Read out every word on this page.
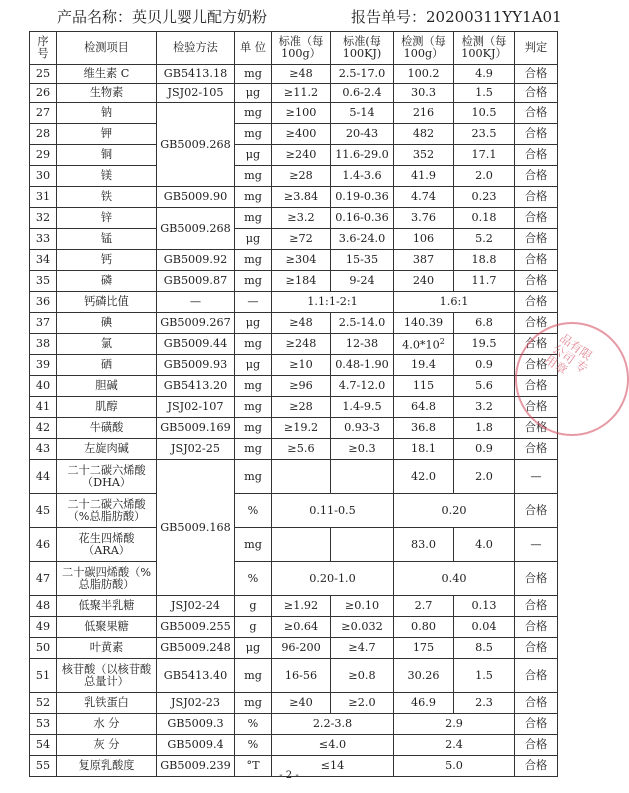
产品名称：英贝儿婴儿配方奶粉	报告单号：20200311YY1A01
序号	检测项目	检验方法	单 位	标准（每100g）	标准(每100KJ)	检测（每100g）	检测（每100KJ）	判定
25	维生素 C	GB5413.18	mg	≥48	2.5-17.0	100.2	4.9	合格
26	生物素	JSJ02-105	μg	≥11.2	0.6-2.4	30.3	1.5	合格
27	钠	GB5009.268	mg	≥100	5-14	216	10.5	合格
28	钾		mg	≥400	20-43	482	23.5	合格
29	铜		μg	≥240	11.6-29.0	352	17.1	合格
30	镁		mg	≥28	1.4-3.6	41.9	2.0	合格
31	铁	GB5009.90	mg	≥3.84	0.19-0.36	4.74	0.23	合格
32	锌	GB5009.268	mg	≥3.2	0.16-0.36	3.76	0.18	合格
33	锰		μg	≥72	3.6-24.0	106	5.2	合格
34	钙	GB5009.92	mg	≥304	15-35	387	18.8	合格
35	磷	GB5009.87	mg	≥184	9-24	240	11.7	合格
36	钙磷比值	—	—	1.1:1-2:1		1.6:1		合格
37	碘	GB5009.267	μg	≥48	2.5-14.0	140.39	6.8	合格
38	氯	GB5009.44	mg	≥248	12-38	$4.0*10^2$	19.5	合格
39	硒	GB5009.93	μg	≥10	0.48-1.90	19.4	0.9	合格
40	胆碱	GB5413.20	mg	≥96	4.7-12.0	115	5.6	合格
41	肌醇	JSJ02-107	mg	≥28	1.4-9.5	64.8	3.2	合格
42	牛磺酸	GB5009.169	mg	≥19.2	0.93-3	36.8	1.8	合格
43	左旋肉碱	JSJ02-25	mg	≥5.6	≥0.3	18.1	0.9	合格
44	二十二碳六烯酸（DHA）	GB5009.168	mg			42.0	2.0	—
45	二十二碳六烯酸（%总脂肪酸）		%	0.11-0.5		0.20		合格
46	花生四烯酸（ARA）		mg			83.0	4.0	—
47	二十碳四烯酸（%总脂肪酸）		%	0.20-1.0		0.40		合格
48	低聚半乳糖	JSJ02-24	g	≥1.92	≥0.10	2.7	0.13	合格
49	低聚果糖	GB5009.255	g	≥0.64	≥0.032	0.80	0.04	合格
50	叶黄素	GB5009.248	μg	96-200	≥4.7	175	8.5	合格
51	核苷酸（以核苷酸总量计）	GB5413.40	mg	16-56	≥0.8	30.26	1.5	合格
52	乳铁蛋白	JSJ02-23	mg	≥40	≥2.0	46.9	2.3	合格
53	水 分	GB5009.3	%	2.2-3.8		2.9		合格
54	灰 分	GB5009.4	%	≤4.0		2.4		合格
55	复原乳酸度	GB5009.239	°T	≤14		5.0		合格
品有限公司 专用章
- 2 -
